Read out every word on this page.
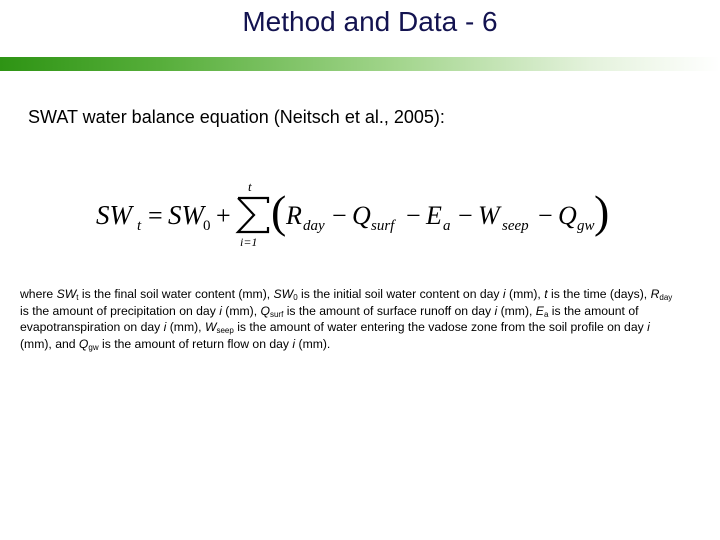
Method and Data - 6
SWAT water balance equation (Neitsch et al., 2005):
SW t = SW 0 +
t
i=1
( R day − Q surf − E a − W seep − Q gw )
where $SW_t$ is the final soil water content (mm), $SW_0$ is the initial soil water content on day i (mm), t is the time (days), $R_{day}$ is the amount of precipitation on day i (mm), $Q_{surf}$ is the amount of surface runoff on day i (mm), $E_a$ is the amount of evapotranspiration on day i (mm), $W_{seep}$ is the amount of water entering the vadose zone from the soil profile on day i (mm), and $Q_{gw}$ is the amount of return flow on day i (mm).
